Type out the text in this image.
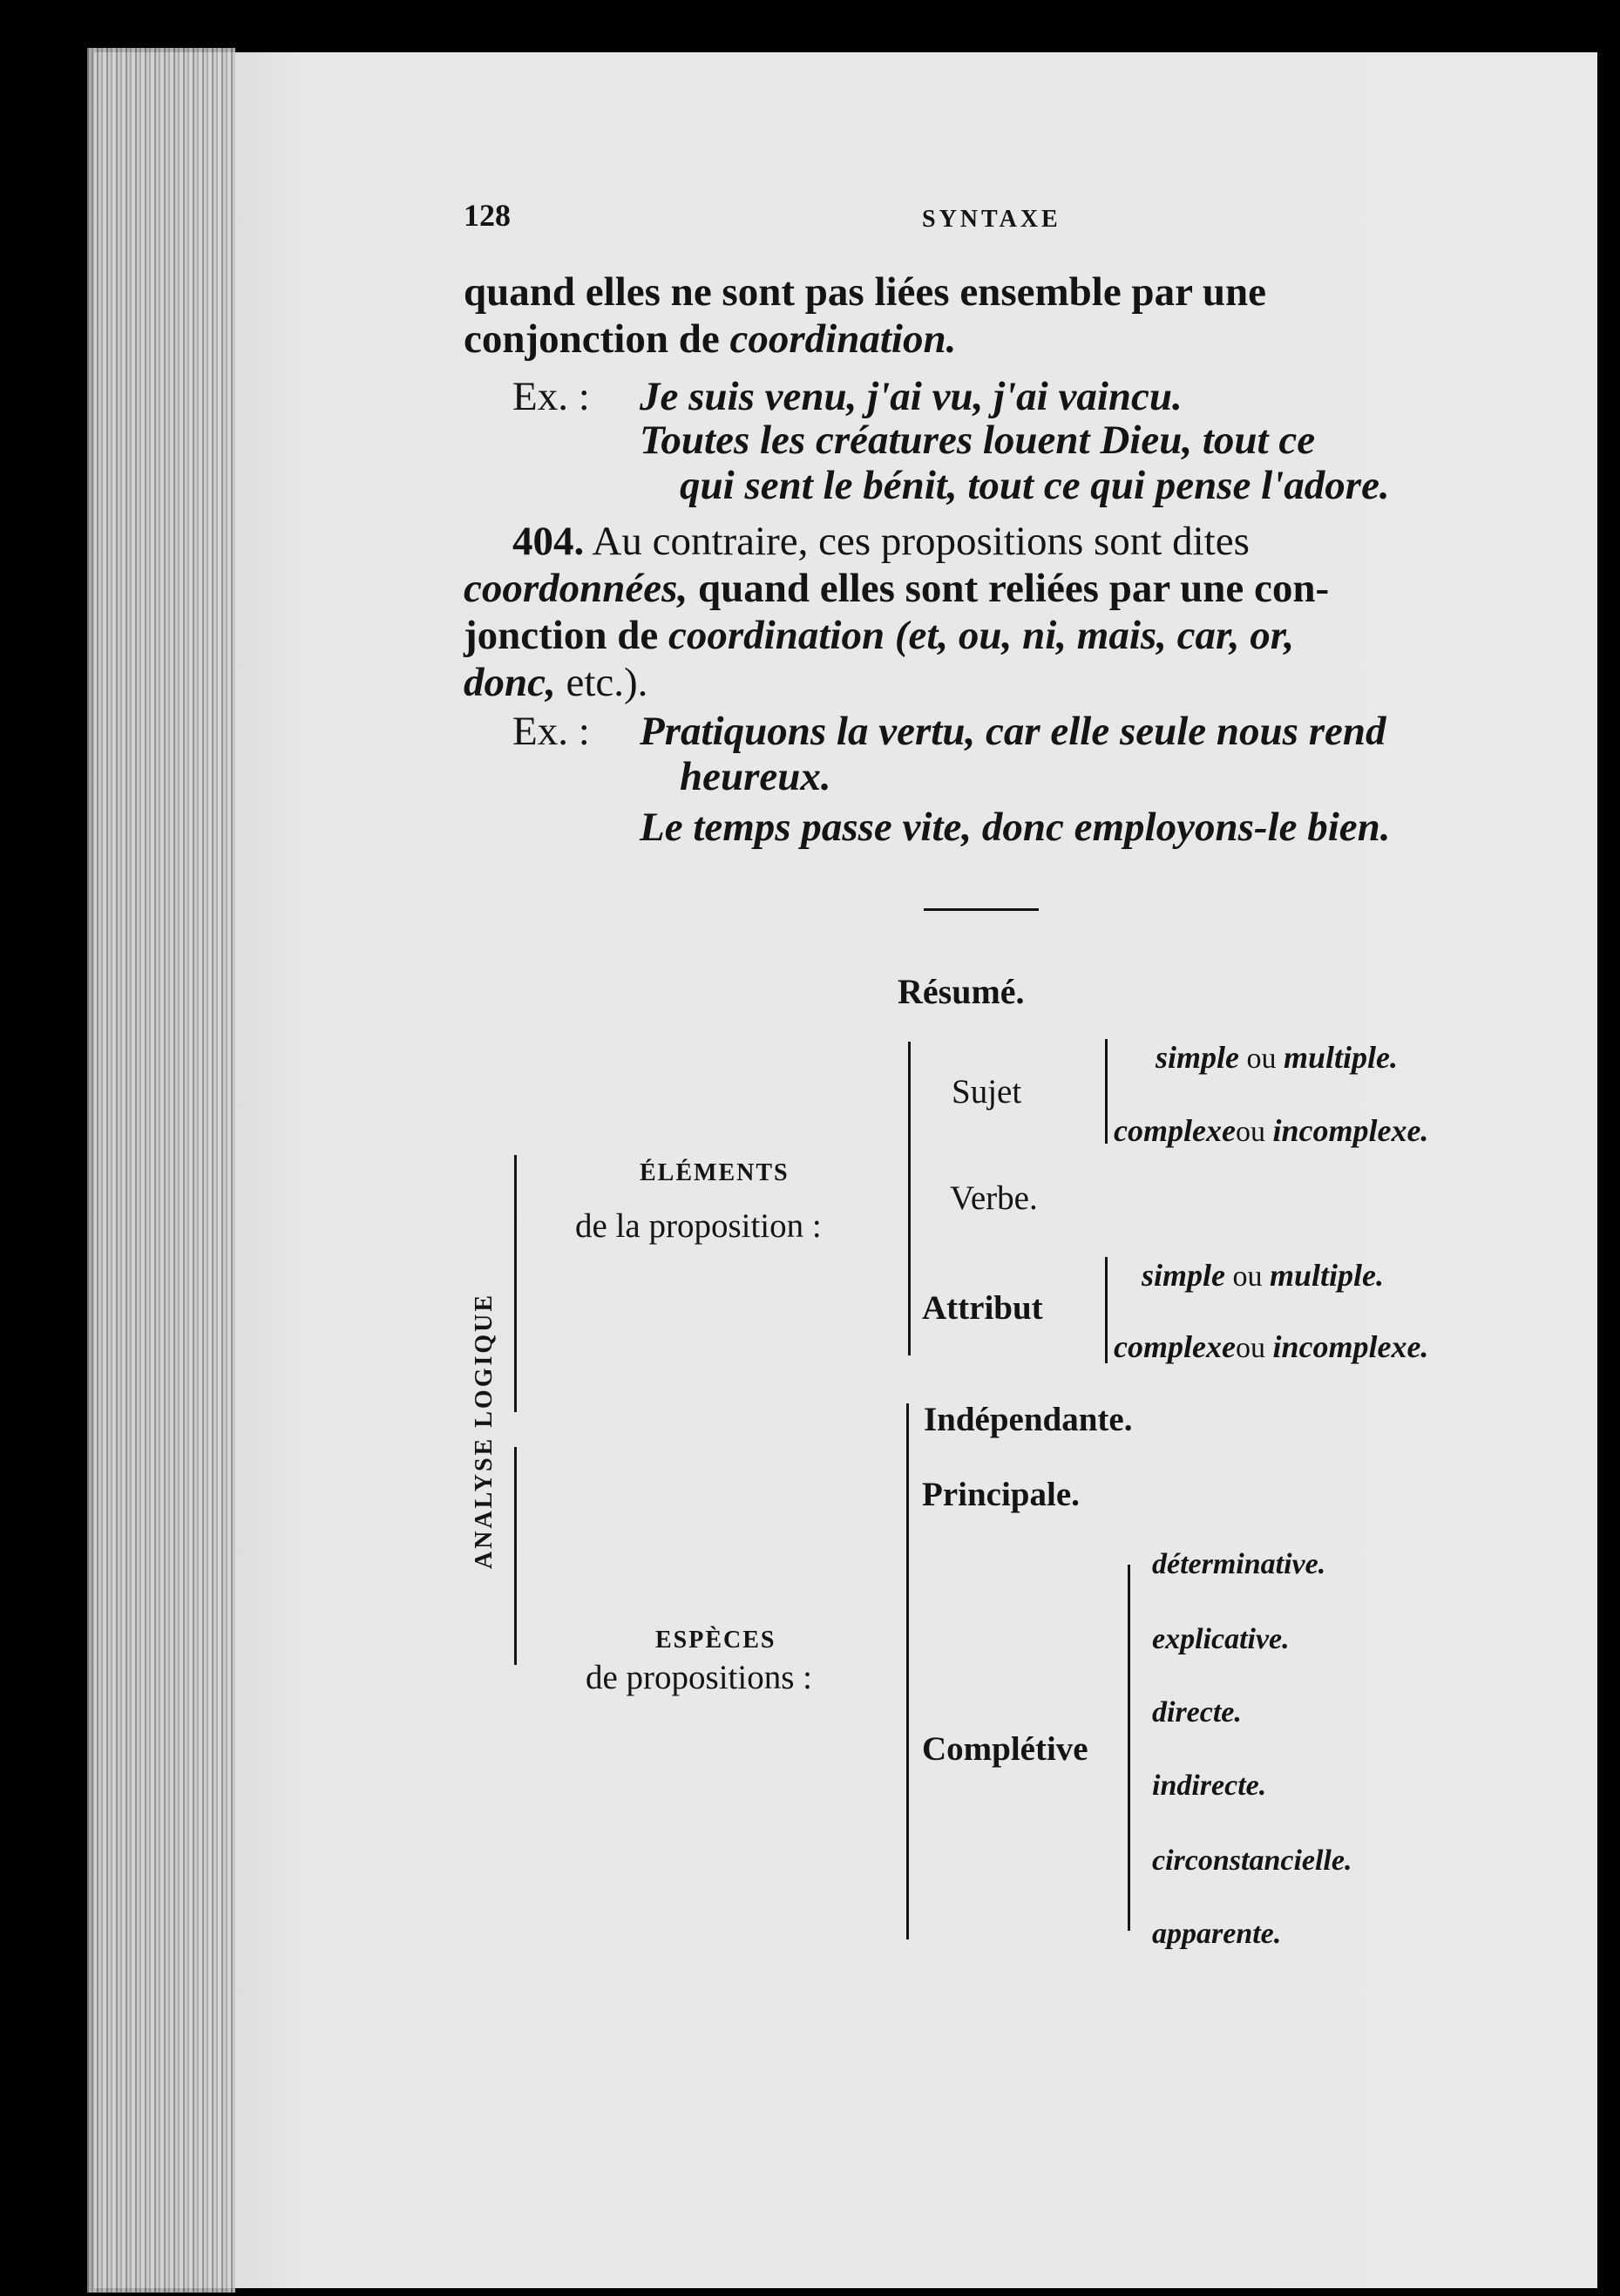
128	SYNTAXE
quand elles ne sont pas liées ensemble par une
conjonction de coordination.
Ex. : Je suis venu, j'ai vu, j'ai vaincu.
Toutes les créatures louent Dieu, tout ce
qui sent le bénit, tout ce qui pense l'adore.
404. Au contraire, ces propositions sont dites
coordonnées, quand elles sont reliées par une con-
jonction de coordination (et, ou, ni, mais, car, or,
donc, etc.).
Ex. : Pratiquons la vertu, car elle seule nous rend
heureux.
Le temps passe vite, donc employons-le bien.
Résumé.
ANALYSE LOGIQUE
ÉLÉMENTS
de la proposition :
ESPÈCES
de propositions :
Sujet
Verbe.
Attribut
simple ou multiple.
complexeou incomplexe.
simple ou multiple.
complexeou incomplexe.
Indépendante.
Principale.
Complétive
déterminative.
explicative.
directe.
indirecte.
circonstancielle.
apparente.
